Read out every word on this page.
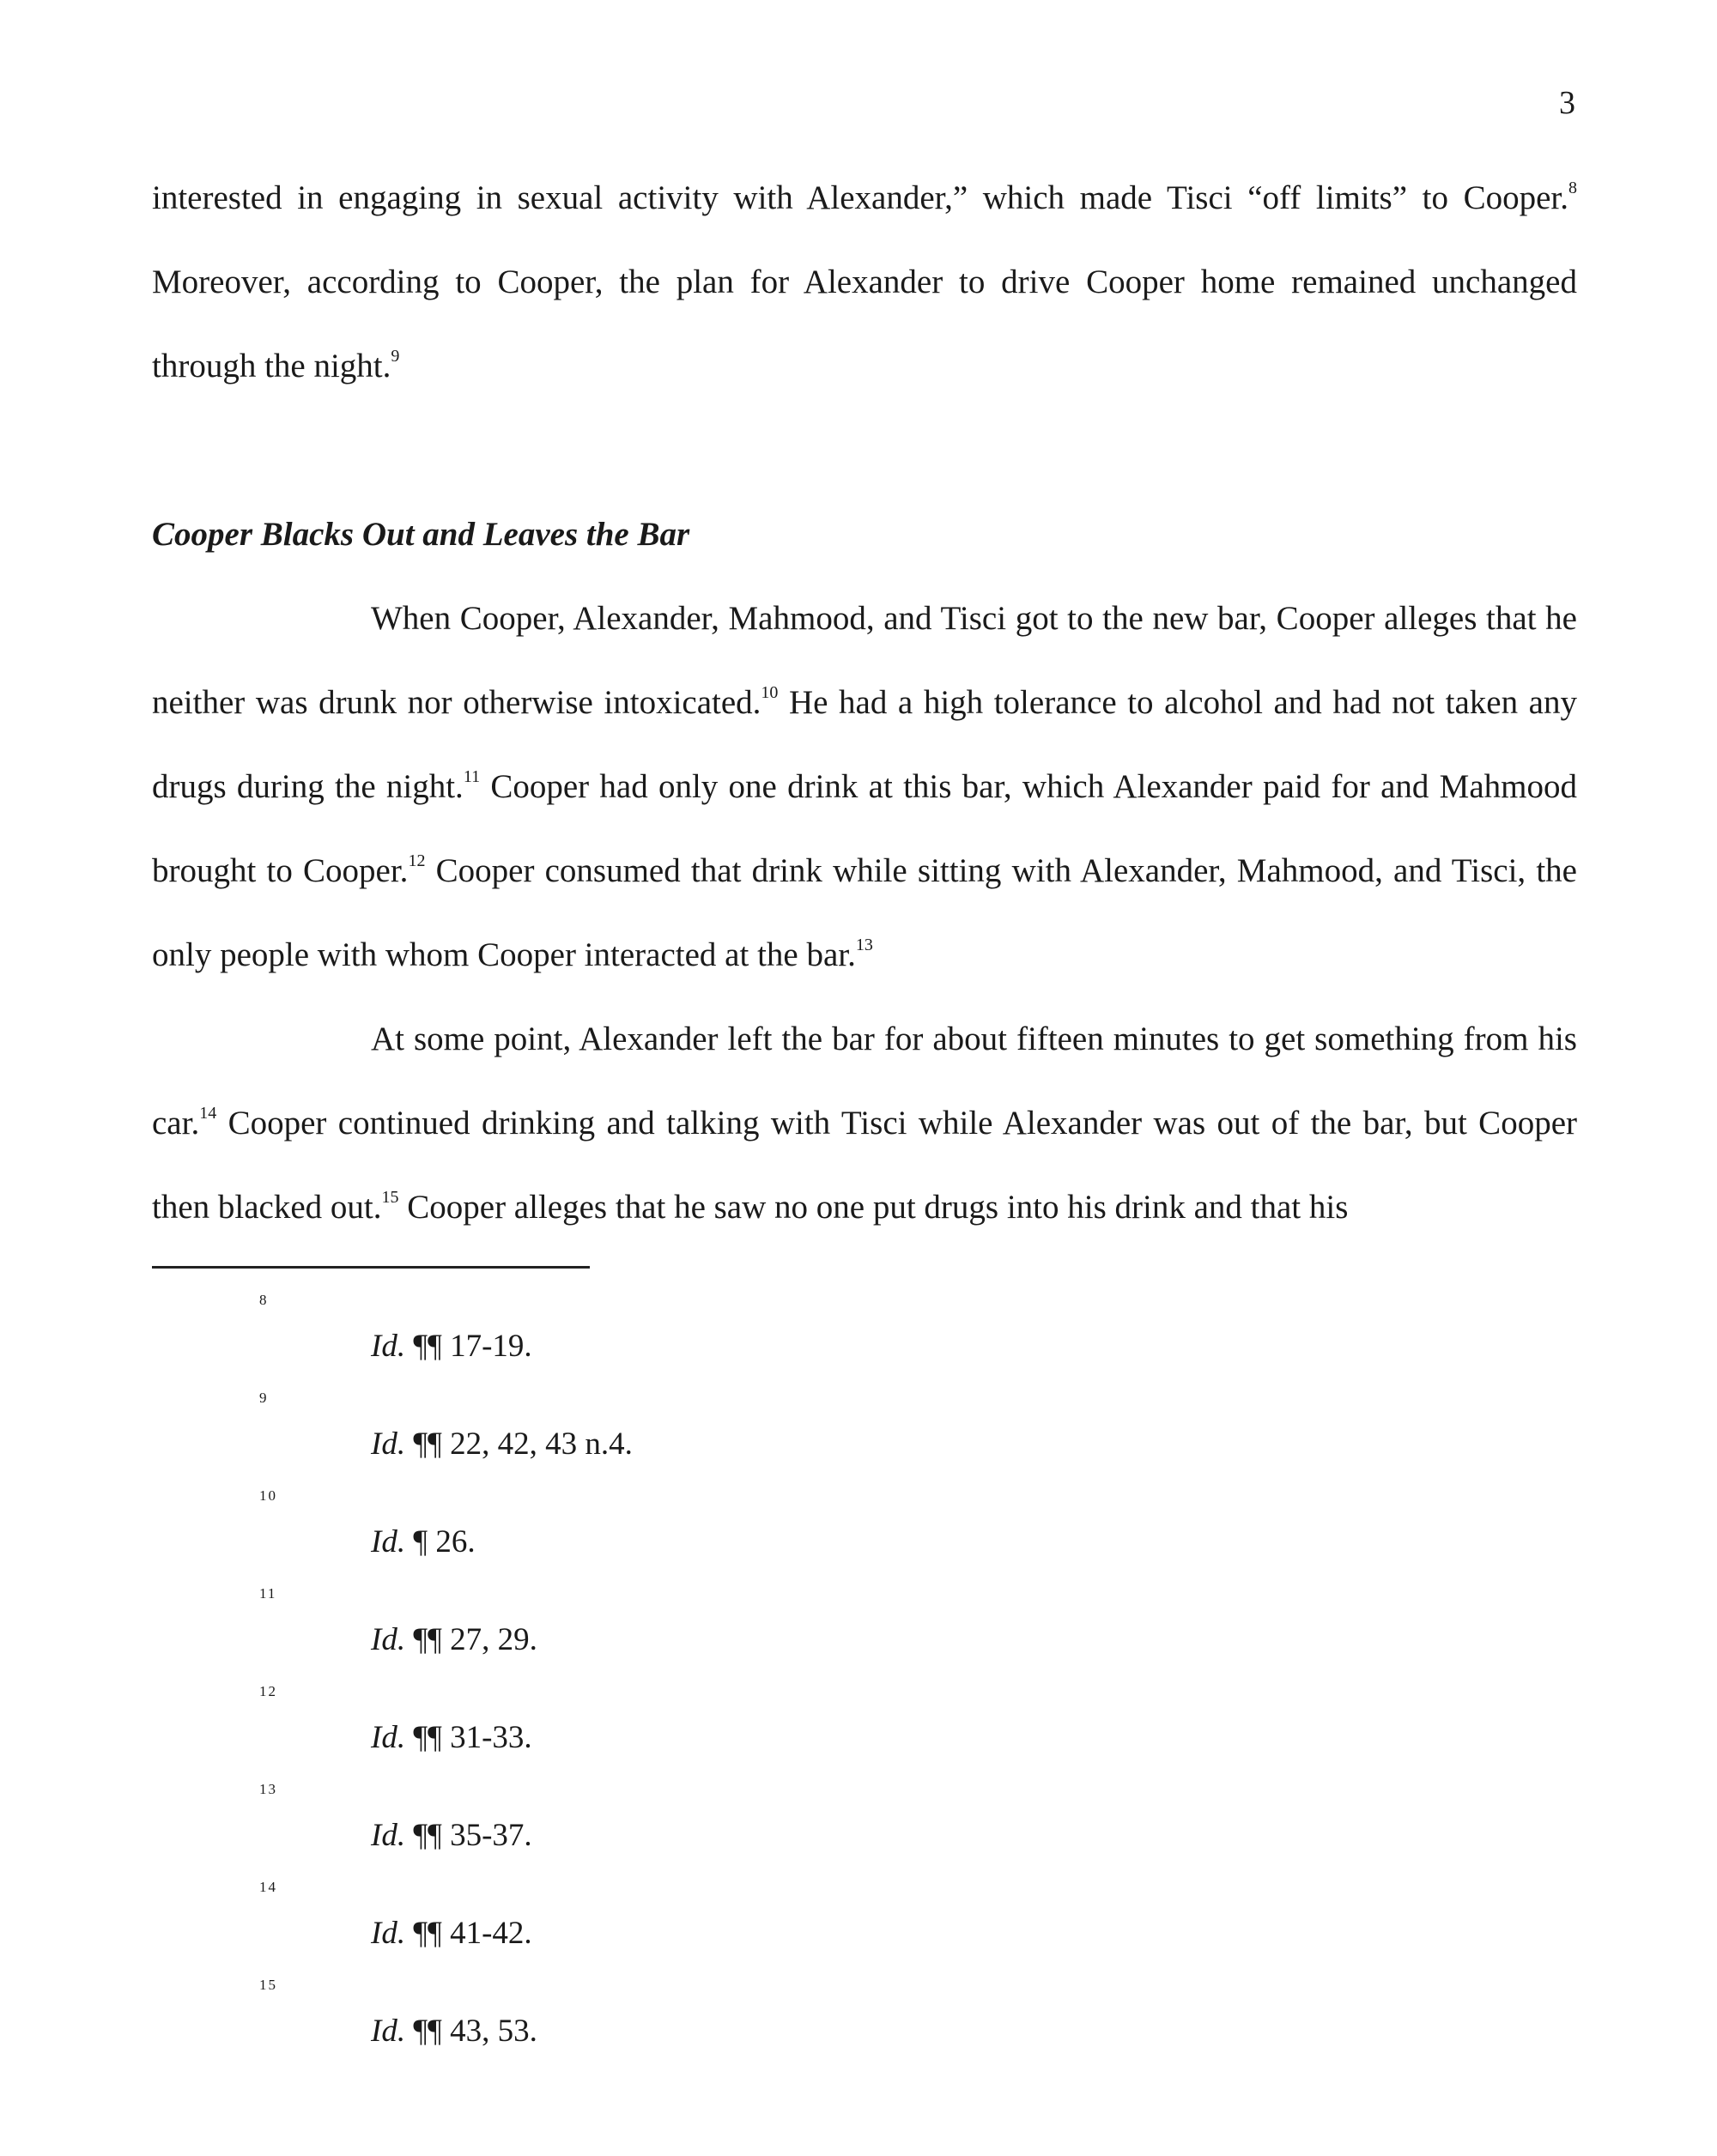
3

interested in engaging in sexual activity with Alexander,” which made Tisci “off limits” to Cooper.$^8$ Moreover, according to Cooper, the plan for Alexander to drive Cooper home remained unchanged through the night.$^9$

Cooper Blacks Out and Leaves the Bar

When Cooper, Alexander, Mahmood, and Tisci got to the new bar, Cooper alleges that he neither was drunk nor otherwise intoxicated.$^{10}$ He had a high tolerance to alcohol and had not taken any drugs during the night.$^{11}$ Cooper had only one drink at this bar, which Alexander paid for and Mahmood brought to Cooper.$^{12}$ Cooper consumed that drink while sitting with Alexander, Mahmood, and Tisci, the only people with whom Cooper interacted at the bar.$^{13}$

At some point, Alexander left the bar for about fifteen minutes to get something from his car.$^{14}$ Cooper continued drinking and talking with Tisci while Alexander was out of the bar, but Cooper then blacked out.$^{15}$ Cooper alleges that he saw no one put drugs into his drink and that his

8
Id. ¶¶ 17-19.
9
Id. ¶¶ 22, 42, 43 n.4.
10
Id. ¶ 26.
11
Id. ¶¶ 27, 29.
12
Id. ¶¶ 31-33.
13
Id. ¶¶ 35-37.
14
Id. ¶¶ 41-42.
15
Id. ¶¶ 43, 53.
